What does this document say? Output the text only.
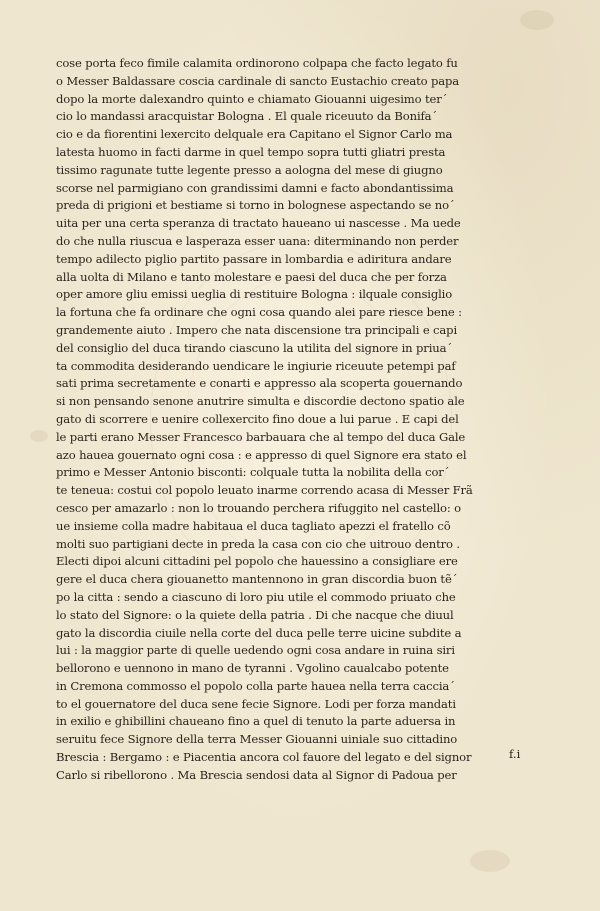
cose porta feco fimile calamita ordinorono colpapa che facto legato fu
o Messer Baldassare coscia cardinale di sancto Eustachio creato papa
dopo la morte dalexandro quinto e chiamato Giouanni uigesimo ter´
cio lo mandassi aracquistar Bologna . El quale riceuuto da Bonifa´
cio e da fiorentini lexercito delquale era Capitano el Signor Carlo ma
latesta huomo in facti darme in quel tempo sopra tutti gliatri presta
tissimo ragunate tutte legente presso a aologna del mese di giugno
scorse nel parmigiano con grandissimi damni e facto abondantissima
preda di prigioni et bestiame si torno in bolognese aspectando se no´
uita per una certa speranza di tractato haueano ui nascesse . Ma uede
do che nulla riuscua e lasperaza esser uana: diterminando non perder
tempo adilecto piglio partito passare in lombardia e adiritura andare
alla uolta di Milano e tanto molestare e paesi del duca che per forza
oper amore gliu emissi ueglia di restituire Bologna : ilquale consiglio
la fortuna che fa ordinare che ogni cosa quando alei pare riesce bene :
grandemente aiuto . Impero che nata discensione tra principali e capi
del consiglio del duca tirando ciascuno la utilita del signore in priua´
ta commodita desiderando uendicare le ingiurie riceuute petempi paf
sati prima secretamente e conarti e appresso ala scoperta gouernando
si non pensando senone anutrire simulta e discordie dectono spatio ale
gato di scorrere e uenire collexercito fino doue a lui parue . E capi del
le parti erano Messer Francesco barbauara che al tempo del duca Gale
azo hauea gouernato ogni cosa : e appresso di quel Signore era stato el
primo e Messer Antonio bisconti: colquale tutta la nobilita della cor´
te teneua: costui col popolo leuato inarme correndo acasa di Messer Frã
cesco per amazarlo : non lo trouando perchera rifuggito nel castello: o
ue insieme colla madre habitaua el duca tagliato apezzi el fratello cõ
molti suo partigiani decte in preda la casa con cio che uitrouo dentro .
Electi dipoi alcuni cittadini pel popolo che hauessino a consigliare ere
gere el duca chera giouanetto mantennono in gran discordia buon tẽ´
po la citta : sendo a ciascuno di loro piu utile el commodo priuato che
lo stato del Signore: o la quiete della patria . Di che nacque che diuul
gato la discordia ciuile nella corte del duca pelle terre uicine subdite a
lui : la maggior parte di quelle uedendo ogni cosa andare in ruina siri
bellorono e uennono in mano de tyranni . Vgolino caualcabo potente
in Cremona commosso el popolo colla parte hauea nella terra caccia´
to el gouernatore del duca sene fecie Signore. Lodi per forza mandati
in exilio e ghibillini chaueano fino a quel di tenuto la parte aduersa in
seruitu fece Signore della terra Messer Giouanni uiniale suo cittadino
Brescia : Bergamo : e Piacentia ancora col fauore del legato e del signor
Carlo si ribellorono . Ma Brescia sendosi data al Signor di Padoua per
f.i
